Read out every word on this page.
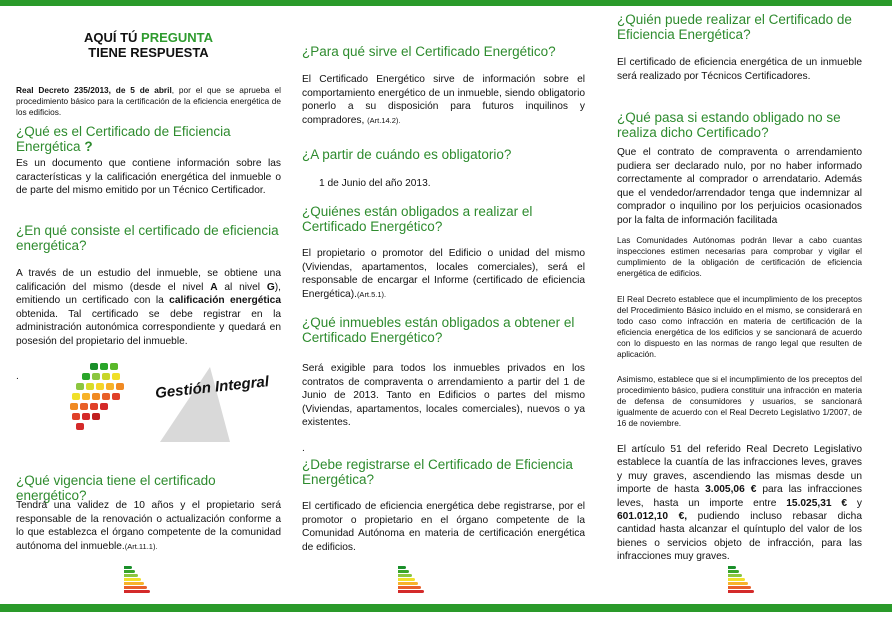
AQUÍ TÚ PREGUNTA
TIENE RESPUESTA

Real Decreto 235/2013, de 5 de abril, por el que se aprueba el procedimiento básico para la certificación de la eficiencia energética de los edificios.

¿Qué es el Certificado de Eficiencia Energética ?

Es un documento que contiene información sobre las características y la calificación energética del inmueble o de parte del mismo emitido por un Técnico Certificador.

¿En qué consiste el certificado de eficiencia energética?

A través de un estudio del inmueble, se obtiene una calificación del mismo (desde el nivel A al nivel G), emitiendo un certificado con la calificación energética obtenida. Tal certificado se debe registrar en la administración autonómica correspondiente y quedará en posesión del propietario del inmueble.

.

¿Qué vigencia tiene el certificado energético?

Tendrá una validez de 10 años y el propietario será responsable de la renovación o actualización conforme a lo que establezca el órgano competente de la comunidad autónoma del inmueble.(Art.11.1).

Gestión Integral
¿Para qué sirve el Certificado Energético?

El Certificado Energético sirve de información sobre el comportamiento energético de un inmueble, siendo obligatorio ponerlo a su disposición para futuros inquilinos y compradores, (Art.14.2).

¿A partir de cuándo es obligatorio?

1 de Junio del año 2013.

¿Quiénes están obligados a realizar el Certificado Energético?

El propietario o promotor del Edificio o unidad del mismo (Viviendas, apartamentos, locales comerciales), será el responsable de encargar el Informe (certificado de eficiencia Energética).(Art.5.1).

¿Qué inmuebles están obligados a obtener el Certificado Energético?

Será exigible para todos los inmuebles privados en los contratos de compraventa o arrendamiento a partir del 1 de Junio de 2013. Tanto en Edificios o partes del mismo (Viviendas, apartamentos, locales comerciales), nuevos o ya existentes.

.

¿Debe registrarse el Certificado de Eficiencia Energética?

El certificado de eficiencia energética debe registrarse, por el promotor o propietario en el órgano competente de la Comunidad Autónoma en materia de certificación energética de edificios.

¿Quién puede realizar el Certificado de Eficiencia Energética?

El certificado de eficiencia energética de un inmueble será realizado por Técnicos Certificadores.

¿Qué pasa si estando obligado no se realiza dicho Certificado?

Que el contrato de compraventa o arrendamiento pudiera ser declarado nulo, por no haber informado correctamente al comprador o arrendatario. Además que el vendedor/arrendador tenga que indemnizar al comprador o inquilino por los perjuicios ocasionados por la falta de información facilitada

Las Comunidades Autónomas podrán llevar a cabo cuantas inspecciones estimen necesarias para comprobar y vigilar el cumplimiento de la obligación de certificación de eficiencia energética de edificios.

El Real Decreto establece que el incumplimiento de los preceptos del Procedimiento Básico incluido en el mismo, se considerará en todo caso como infracción en materia de certificación de la eficiencia energética de los edificios y se sancionará de acuerdo con lo dispuesto en las normas de rango legal que resulten de aplicación.

Asimismo, establece que si el incumplimiento de los preceptos del procedimiento básico, pudiera constituir una infracción en materia de defensa de consumidores y usuarios, se sancionará igualmente de acuerdo con el Real Decreto Legislativo 1/2007, de 16 de noviembre.

El artículo 51 del referido Real Decreto Legislativo establece la cuantía de las infracciones leves, graves y muy graves, ascendiendo las mismas desde un importe de hasta 3.005,06 € para las infracciones leves, hasta un importe entre 15.025,31 € y 601.012,10 €, pudiendo incluso rebasar dicha cantidad hasta alcanzar el quíntuplo del valor de los bienes o servicios objeto de infracción, para las infracciones muy graves.
